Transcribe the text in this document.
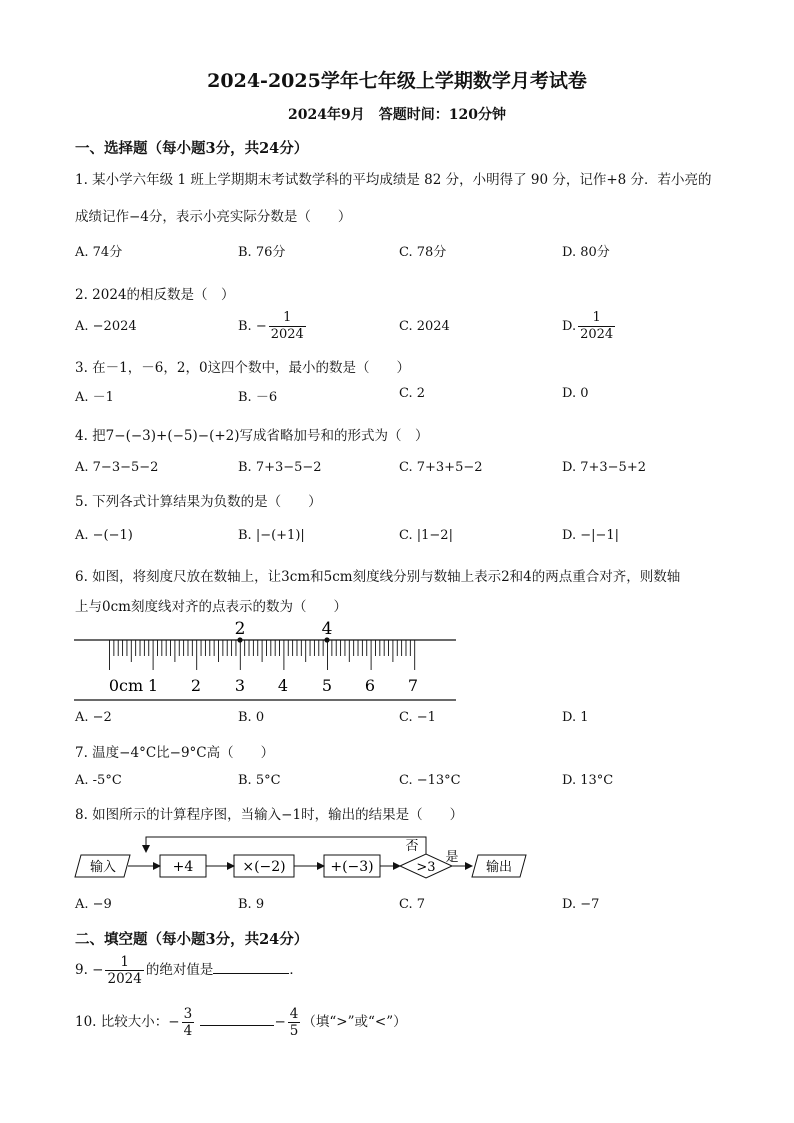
2024-2025学年七年级上学期数学月考试卷
2024年9月　答题时间：120分钟
一、选择题（每小题3分，共24分）
1. 某小学六年级 1 班上学期期末考试数学科的平均成绩是 82 分，小明得了 90 分，记作+8 分．若小亮的
成绩记作−4分，表示小亮实际分数是（　　）
A. 74分	B. 76分	C. 78分	D. 80分
2. 2024的相反数是（　）
A. −2024	B. − $\frac{1}{2024}$	C. 2024	D. $\frac{1}{2024}$
3. 在－1，－6，2，0这四个数中，最小的数是（　　）
A. －1	B. －6	C. 2	D. 0
4. 把7−(−3)+(−5)−(+2)写成省略加号和的形式为（　）
A. 7−3−5−2	B. 7+3−5−2	C. 7+3+5−2	D. 7+3−5+2
5. 下列各式计算结果为负数的是（　　）
A. −(−1)	B. |−(+1)|	C. |1−2|	D. −|−1|
6. 如图，将刻度尺放在数轴上，让3cm和5cm刻度线分别与数轴上表示2和4的两点重合对齐，则数轴
上与0cm刻度线对齐的点表示的数为（　　）
2	4
0cm 1 2 3 4 5 6 7
A. −2	B. 0	C. −1	D. 1
7. 温度−4°C比−9°C高（　　）
A. -5°C	B. 5°C	C. −13°C	D. 13°C
8. 如图所示的计算程序图，当输入−1时，输出的结果是（　　）
输入	+4	×(−2)	+(−3)	>3
否
是
输出
A. −9	B. 9	C. 7	D. −7
二、填空题（每小题3分，共24分）
9. − $\frac{1}{2024}$ 的绝对值是	．
10. 比较大小：− $\frac{3}{4}$	− $\frac{4}{5}$ （填“>”或“<”）
